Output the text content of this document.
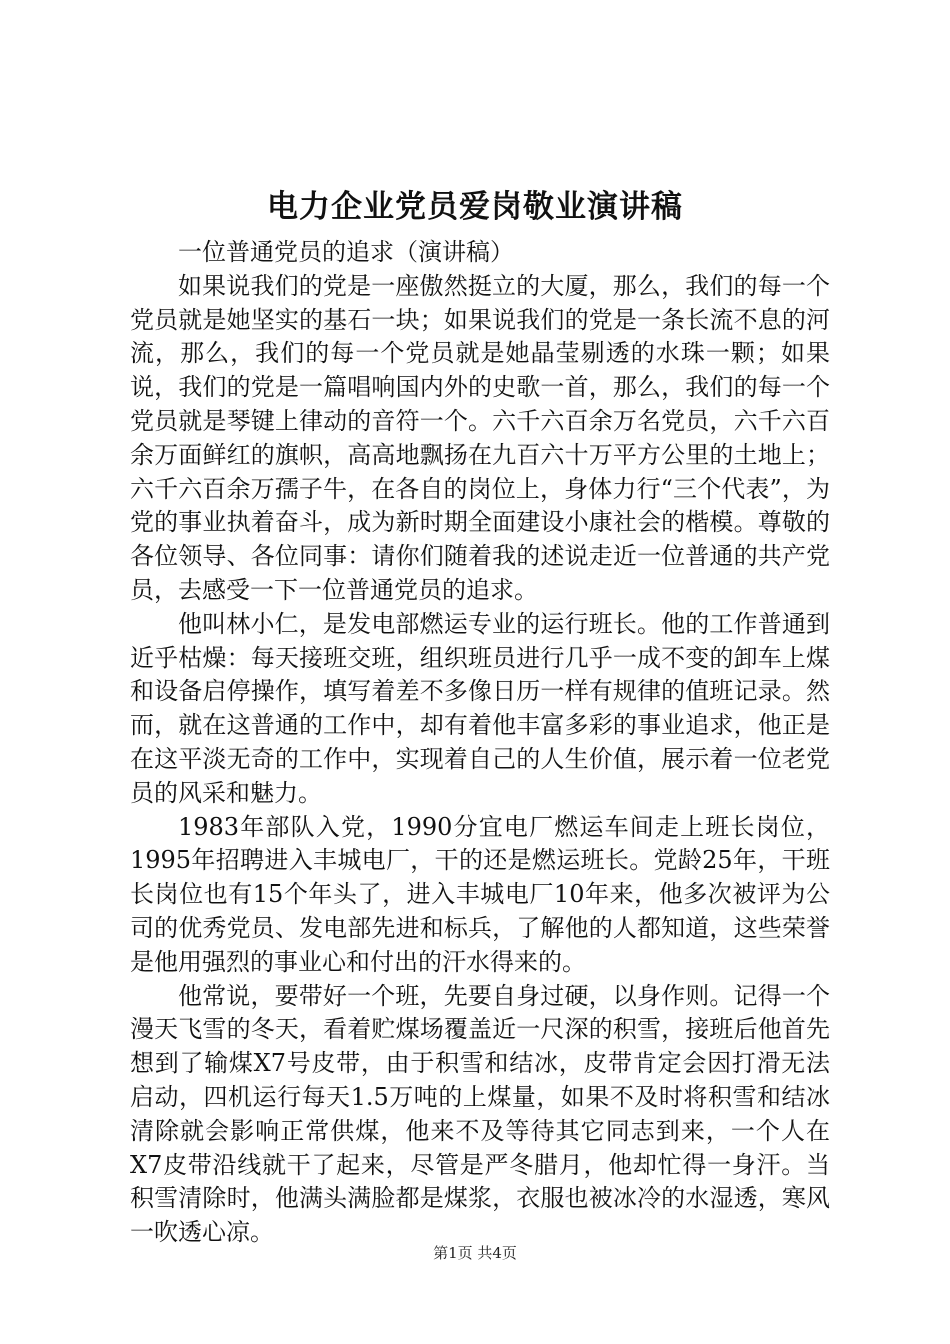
电力企业党员爱岗敬业演讲稿

一位普通党员的追求（演讲稿）

如果说我们的党是一座傲然挺立的大厦，那么，我们的每一个党员就是她坚实的基石一块；如果说我们的党是一条长流不息的河流，那么，我们的每一个党员就是她晶莹剔透的水珠一颗；如果说，我们的党是一篇唱响国内外的史歌一首，那么，我们的每一个党员就是琴键上律动的音符一个。六千六百余万名党员，六千六百余万面鲜红的旗帜，高高地飘扬在九百六十万平方公里的土地上；六千六百余万孺子牛，在各自的岗位上，身体力行“三个代表”，为党的事业执着奋斗，成为新时期全面建设小康社会的楷模。尊敬的各位领导、各位同事：请你们随着我的述说走近一位普通的共产党员，去感受一下一位普通党员的追求。

他叫林小仁，是发电部燃运专业的运行班长。他的工作普通到近乎枯燥：每天接班交班，组织班员进行几乎一成不变的卸车上煤和设备启停操作，填写着差不多像日历一样有规律的值班记录。然而，就在这普通的工作中，却有着他丰富多彩的事业追求，他正是在这平淡无奇的工作中，实现着自己的人生价值，展示着一位老党员的风采和魅力。

1983年部队入党，1990分宜电厂燃运车间走上班长岗位，1995年招聘进入丰城电厂，干的还是燃运班长。党龄25年，干班长岗位也有15个年头了，进入丰城电厂10年来，他多次被评为公司的优秀党员、发电部先进和标兵，了解他的人都知道，这些荣誉是他用强烈的事业心和付出的汗水得来的。

他常说，要带好一个班，先要自身过硬，以身作则。记得一个漫天飞雪的冬天，看着贮煤场覆盖近一尺深的积雪，接班后他首先想到了输煤X7号皮带，由于积雪和结冰，皮带肯定会因打滑无法启动，四机运行每天1.5万吨的上煤量，如果不及时将积雪和结冰清除就会影响正常供煤，他来不及等待其它同志到来，一个人在X7皮带沿线就干了起来，尽管是严冬腊月，他却忙得一身汗。当积雪清除时，他满头满脸都是煤浆，衣服也被冰冷的水湿透，寒风一吹透心凉。

第1页 共4页
